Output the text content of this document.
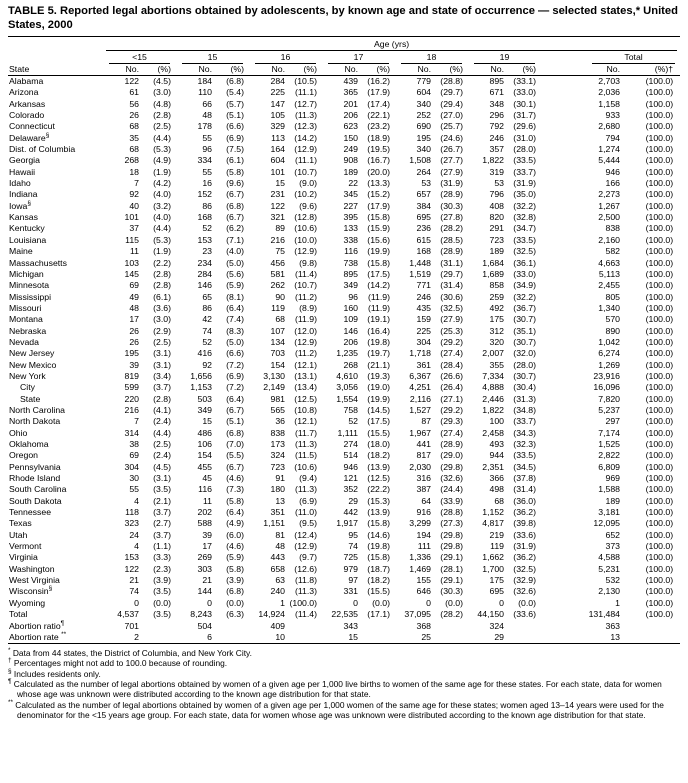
TABLE 5. Reported legal abortions obtained by adolescents, by known age and state of occurrence — selected states,* United States, 2000

	Age (yrs)													

	<15		15		16		17		18		19		Total	

State	No.	(%)	No.	(%)	No.	(%)	No.	(%)	No.	(%)	No.	(%)	No.	(%)†
Alabama	122	(4.5)	184	(6.8)	284	(10.5)	439	(16.2)	779	(28.8)	895	(33.1)	2,703	(100.0)
Arizona	61	(3.0)	110	(5.4)	225	(11.1)	365	(17.9)	604	(29.7)	671	(33.0)	2,036	(100.0)
Arkansas	56	(4.8)	66	(5.7)	147	(12.7)	201	(17.4)	340	(29.4)	348	(30.1)	1,158	(100.0)
Colorado	26	(2.8)	48	(5.1)	105	(11.3)	206	(22.1)	252	(27.0)	296	(31.7)	933	(100.0)
Connecticut	68	(2.5)	178	(6.6)	329	(12.3)	623	(23.2)	690	(25.7)	792	(29.6)	2,680	(100.0)
Delaware§	35	(4.4)	55	(6.9)	113	(14.2)	150	(18.9)	195	(24.6)	246	(31.0)	794	(100.0)
Dist. of Columbia	68	(5.3)	96	(7.5)	164	(12.9)	249	(19.5)	340	(26.7)	357	(28.0)	1,274	(100.0)
Georgia	268	(4.9)	334	(6.1)	604	(11.1)	908	(16.7)	1,508	(27.7)	1,822	(33.5)	5,444	(100.0)
Hawaii	18	(1.9)	55	(5.8)	101	(10.7)	189	(20.0)	264	(27.9)	319	(33.7)	946	(100.0)
Idaho	7	(4.2)	16	(9.6)	15	(9.0)	22	(13.3)	53	(31.9)	53	(31.9)	166	(100.0)
Indiana	92	(4.0)	152	(6.7)	231	(10.2)	345	(15.2)	657	(28.9)	796	(35.0)	2,273	(100.0)
Iowa§	40	(3.2)	86	(6.8)	122	(9.6)	227	(17.9)	384	(30.3)	408	(32.2)	1,267	(100.0)
Kansas	101	(4.0)	168	(6.7)	321	(12.8)	395	(15.8)	695	(27.8)	820	(32.8)	2,500	(100.0)
Kentucky	37	(4.4)	52	(6.2)	89	(10.6)	133	(15.9)	236	(28.2)	291	(34.7)	838	(100.0)
Louisiana	115	(5.3)	153	(7.1)	216	(10.0)	338	(15.6)	615	(28.5)	723	(33.5)	2,160	(100.0)
Maine	11	(1.9)	23	(4.0)	75	(12.9)	116	(19.9)	168	(28.9)	189	(32.5)	582	(100.0)
Massachusetts	103	(2.2)	234	(5.0)	456	(9.8)	738	(15.8)	1,448	(31.1)	1,684	(36.1)	4,663	(100.0)
Michigan	145	(2.8)	284	(5.6)	581	(11.4)	895	(17.5)	1,519	(29.7)	1,689	(33.0)	5,113	(100.0)
Minnesota	69	(2.8)	146	(5.9)	262	(10.7)	349	(14.2)	771	(31.4)	858	(34.9)	2,455	(100.0)
Mississippi	49	(6.1)	65	(8.1)	90	(11.2)	96	(11.9)	246	(30.6)	259	(32.2)	805	(100.0)
Missouri	48	(3.6)	86	(6.4)	119	(8.9)	160	(11.9)	435	(32.5)	492	(36.7)	1,340	(100.0)
Montana	17	(3.0)	42	(7.4)	68	(11.9)	109	(19.1)	159	(27.9)	175	(30.7)	570	(100.0)
Nebraska	26	(2.9)	74	(8.3)	107	(12.0)	146	(16.4)	225	(25.3)	312	(35.1)	890	(100.0)
Nevada	26	(2.5)	52	(5.0)	134	(12.9)	206	(19.8)	304	(29.2)	320	(30.7)	1,042	(100.0)
New Jersey	195	(3.1)	416	(6.6)	703	(11.2)	1,235	(19.7)	1,718	(27.4)	2,007	(32.0)	6,274	(100.0)
New Mexico	39	(3.1)	92	(7.2)	154	(12.1)	268	(21.1)	361	(28.4)	355	(28.0)	1,269	(100.0)
New York	819	(3.4)	1,656	(6.9)	3,130	(13.1)	4,610	(19.3)	6,367	(26.6)	7,334	(30.7)	23,916	(100.0)
City	599	(3.7)	1,153	(7.2)	2,149	(13.4)	3,056	(19.0)	4,251	(26.4)	4,888	(30.4)	16,096	(100.0)
State	220	(2.8)	503	(6.4)	981	(12.5)	1,554	(19.9)	2,116	(27.1)	2,446	(31.3)	7,820	(100.0)
North Carolina	216	(4.1)	349	(6.7)	565	(10.8)	758	(14.5)	1,527	(29.2)	1,822	(34.8)	5,237	(100.0)
North Dakota	7	(2.4)	15	(5.1)	36	(12.1)	52	(17.5)	87	(29.3)	100	(33.7)	297	(100.0)
Ohio	314	(4.4)	486	(6.8)	838	(11.7)	1,111	(15.5)	1,967	(27.4)	2,458	(34.3)	7,174	(100.0)
Oklahoma	38	(2.5)	106	(7.0)	173	(11.3)	274	(18.0)	441	(28.9)	493	(32.3)	1,525	(100.0)
Oregon	69	(2.4)	154	(5.5)	324	(11.5)	514	(18.2)	817	(29.0)	944	(33.5)	2,822	(100.0)
Pennsylvania	304	(4.5)	455	(6.7)	723	(10.6)	946	(13.9)	2,030	(29.8)	2,351	(34.5)	6,809	(100.0)
Rhode Island	30	(3.1)	45	(4.6)	91	(9.4)	121	(12.5)	316	(32.6)	366	(37.8)	969	(100.0)
South Carolina	55	(3.5)	116	(7.3)	180	(11.3)	352	(22.2)	387	(24.4)	498	(31.4)	1,588	(100.0)
South Dakota	4	(2.1)	11	(5.8)	13	(6.9)	29	(15.3)	64	(33.9)	68	(36.0)	189	(100.0)
Tennessee	118	(3.7)	202	(6.4)	351	(11.0)	442	(13.9)	916	(28.8)	1,152	(36.2)	3,181	(100.0)
Texas	323	(2.7)	588	(4.9)	1,151	(9.5)	1,917	(15.8)	3,299	(27.3)	4,817	(39.8)	12,095	(100.0)
Utah	24	(3.7)	39	(6.0)	81	(12.4)	95	(14.6)	194	(29.8)	219	(33.6)	652	(100.0)
Vermont	4	(1.1)	17	(4.6)	48	(12.9)	74	(19.8)	111	(29.8)	119	(31.9)	373	(100.0)
Virginia	153	(3.3)	269	(5.9)	443	(9.7)	725	(15.8)	1,336	(29.1)	1,662	(36.2)	4,588	(100.0)
Washington	122	(2.3)	303	(5.8)	658	(12.6)	979	(18.7)	1,469	(28.1)	1,700	(32.5)	5,231	(100.0)
West Virginia	21	(3.9)	21	(3.9)	63	(11.8)	97	(18.2)	155	(29.1)	175	(32.9)	532	(100.0)
Wisconsin§	74	(3.5)	144	(6.8)	240	(11.3)	331	(15.5)	646	(30.3)	695	(32.6)	2,130	(100.0)
Wyoming	0	(0.0)	0	(0.0)	1	(100.0)	0	(0.0)	0	(0.0)	0	(0.0)	1	(100.0)
Total	4,537	(3.5)	8,243	(6.3)	14,924	(11.4)	22,535	(17.1)	37,095	(28.2)	44,150	(33.6)	131,484	(100.0)
Abortion ratio¶	701		504		409		343		368		324		363	
Abortion rate **	2		6		10		15		25		29		13	
* Data from 44 states, the District of Columbia, and New York City.
† Percentages might not add to 100.0 because of rounding.
§ Includes residents only.
¶ Calculated as the number of legal abortions obtained by women of a given age per 1,000 live births to women of the same age for these states. For each state, data for women whose age was unknown were distributed according to the known age distribution for that state.
** Calculated as the number of legal abortions obtained by women of a given age per 1,000 women of the same age for these states; women aged 13–14 years were used for the denominator for the <15 years age group. For each state, data for women whose age was unknown were distributed according to the known age distribution for that state.
